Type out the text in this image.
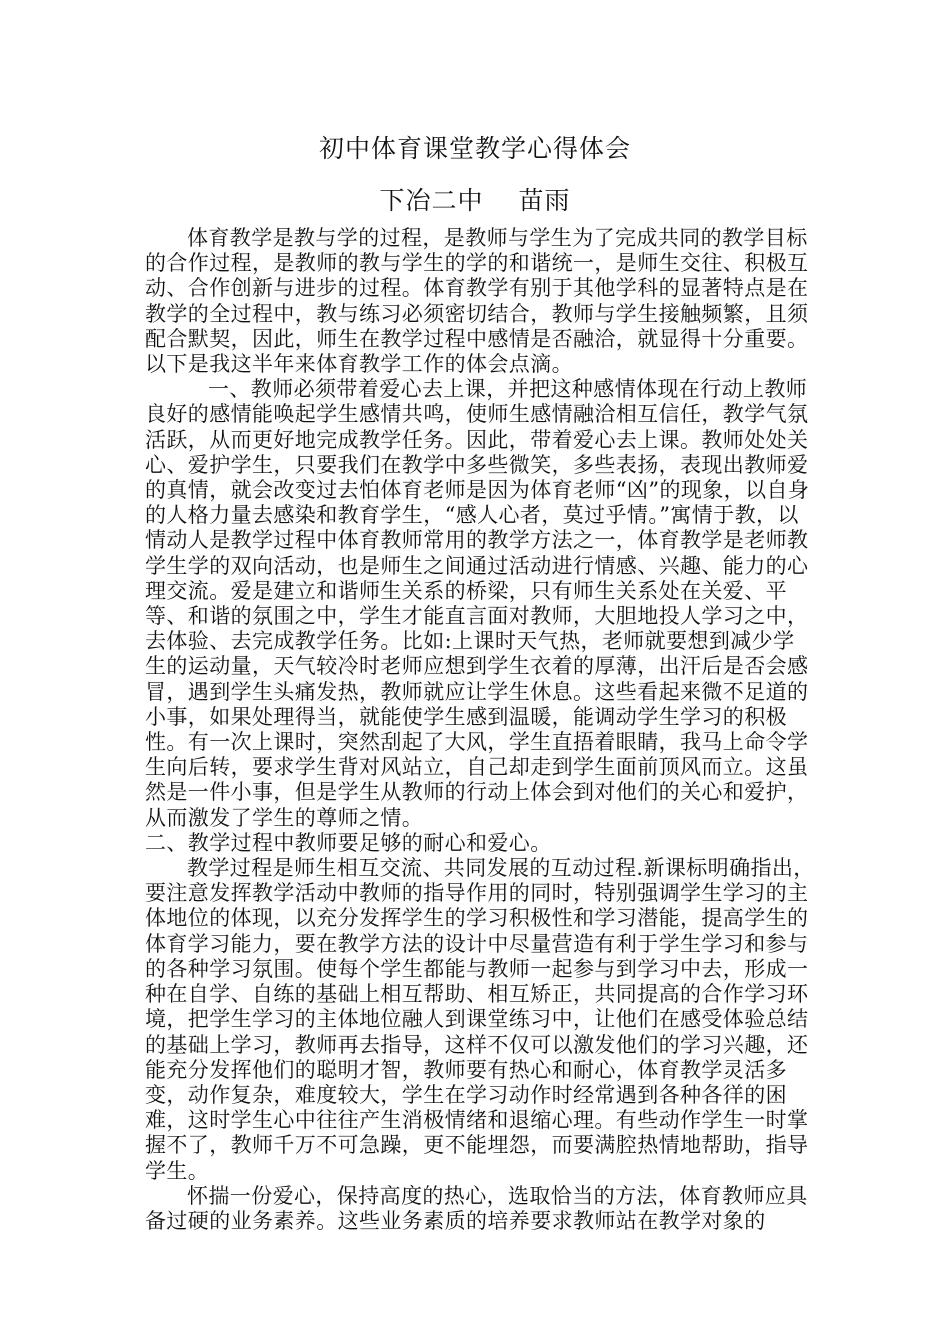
初中体育课堂教学心得体会
下冶二中　 苗雨

体育教学是教与学的过程，是教师与学生为了完成共同的教学目标的合作过程，是教师的教与学生的学的和谐统一，是师生交往、积极互动、合作创新与进步的过程。体育教学有别于其他学科的显著特点是在教学的全过程中，教与练习必须密切结合，教师与学生接触频繁，且须配合默契，因此，师生在教学过程中感情是否融洽，就显得十分重要。以下是我这半年来体育教学工作的体会点滴。

一、教师必须带着爱心去上课，并把这种感情体现在行动上教师良好的感情能唤起学生感情共鸣，使师生感情融洽相互信任，教学气氛活跃，从而更好地完成教学任务。因此，带着爱心去上课。教师处处关心、爱护学生，只要我们在教学中多些微笑，多些表扬，表现出教师爱的真情，就会改变过去怕体育老师是因为体育老师“凶”的现象，以自身的人格力量去感染和教育学生，“感人心者，莫过乎情。”寓情于教，以情动人是教学过程中体育教师常用的教学方法之一，体育教学是老师教学生学的双向活动，也是师生之间通过活动进行情感、兴趣、能力的心理交流。爱是建立和谐师生关系的桥梁，只有师生关系处在关爱、平等、和谐的氛围之中，学生才能直言面对教师，大胆地投人学习之中，去体验、去完成教学任务。比如:上课时天气热，老师就要想到减少学生的运动量，天气较冷时老师应想到学生衣着的厚薄，出汗后是否会感冒，遇到学生头痛发热，教师就应让学生休息。这些看起来微不足道的小事，如果处理得当，就能使学生感到温暖，能调动学生学习的积极性。有一次上课时，突然刮起了大风，学生直捂着眼睛，我马上命令学生向后转，要求学生背对风站立，自己却走到学生面前顶风而立。这虽然是一件小事，但是学生从教师的行动上体会到对他们的关心和爱护，从而激发了学生的尊师之情。

二、教学过程中教师要足够的耐心和爱心。

教学过程是师生相互交流、共同发展的互动过程.新课标明确指出，要注意发挥教学活动中教师的指导作用的同时，特别强调学生学习的主体地位的体现，以充分发挥学生的学习积极性和学习潜能，提高学生的体育学习能力，要在教学方法的设计中尽量营造有利于学生学习和参与的各种学习氛围。使每个学生都能与教师一起参与到学习中去，形成一种在自学、自练的基础上相互帮助、相互矫正，共同提高的合作学习环境，把学生学习的主体地位融人到课堂练习中，让他们在感受体验总结的基础上学习，教师再去指导，这样不仅可以激发他们的学习兴趣，还能充分发挥他们的聪明才智，教师要有热心和耐心，体育教学灵活多变，动作复杂，难度较大，学生在学习动作时经常遇到各种各徉的困难，这时学生心中往往产生消极情绪和退缩心理。有些动作学生一时掌握不了，教师千万不可急躁，更不能埋怨，而要满腔热情地帮助，指导学生。

怀揣一份爱心，保持高度的热心，选取恰当的方法，体育教师应具备过硬的业务素养。这些业务素质的培养要求教师站在教学对象的
